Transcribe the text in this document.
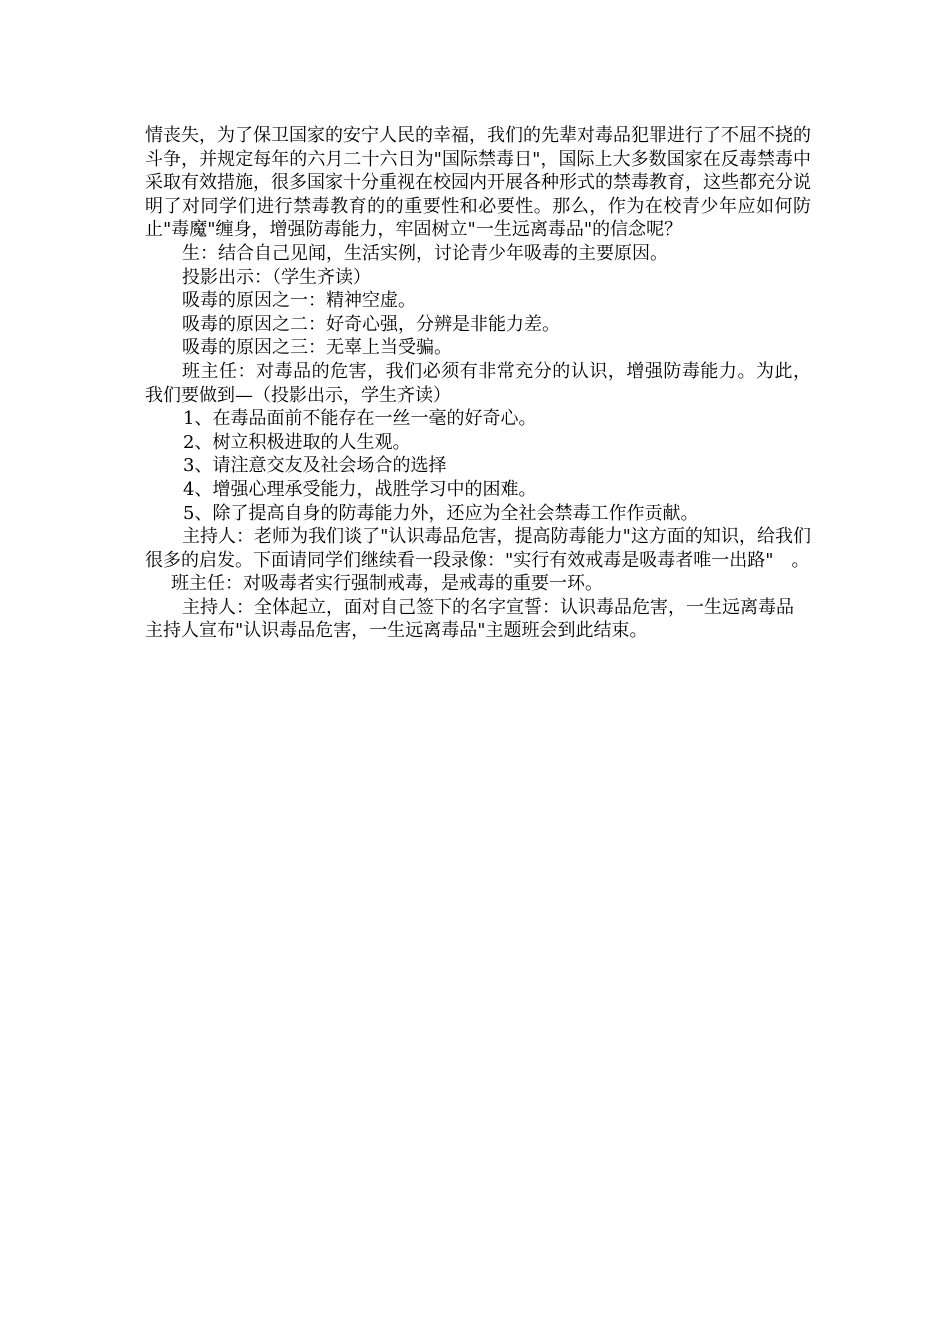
情丧失，为了保卫国家的安宁人民的幸福，我们的先辈对毒品犯罪进行了不屈不挠的斗争，并规定每年的六月二十六日为"国际禁毒日"，国际上大多数国家在反毒禁毒中采取有效措施，很多国家十分重视在校园内开展各种形式的禁毒教育，这些都充分说明了对同学们进行禁毒教育的的重要性和必要性。那么，作为在校青少年应如何防止"毒魔"缠身，增强防毒能力，牢固树立"一生远离毒品"的信念呢？

生：结合自己见闻，生活实例，讨论青少年吸毒的主要原因。

投影出示：（学生齐读）

吸毒的原因之一：精神空虚。

吸毒的原因之二：好奇心强，分辨是非能力差。

吸毒的原因之三：无辜上当受骗。

班主任：对毒品的危害，我们必须有非常充分的认识，增强防毒能力。为此，我们要做到—（投影出示，学生齐读）

1、在毒品面前不能存在一丝一毫的好奇心。

2、树立积极进取的人生观。

3、请注意交友及社会场合的选择

4、增强心理承受能力，战胜学习中的困难。

5、除了提高自身的防毒能力外，还应为全社会禁毒工作作贡献。

主持人：老师为我们谈了"认识毒品危害，提高防毒能力"这方面的知识，给我们很多的启发。下面请同学们继续看一段录像："实行有效戒毒是吸毒者唯一出路"　。

班主任：对吸毒者实行强制戒毒，是戒毒的重要一环。

主持人：全体起立，面对自己签下的名字宣誓：认识毒品危害，一生远离毒品

主持人宣布"认识毒品危害，一生远离毒品"主题班会到此结束。
